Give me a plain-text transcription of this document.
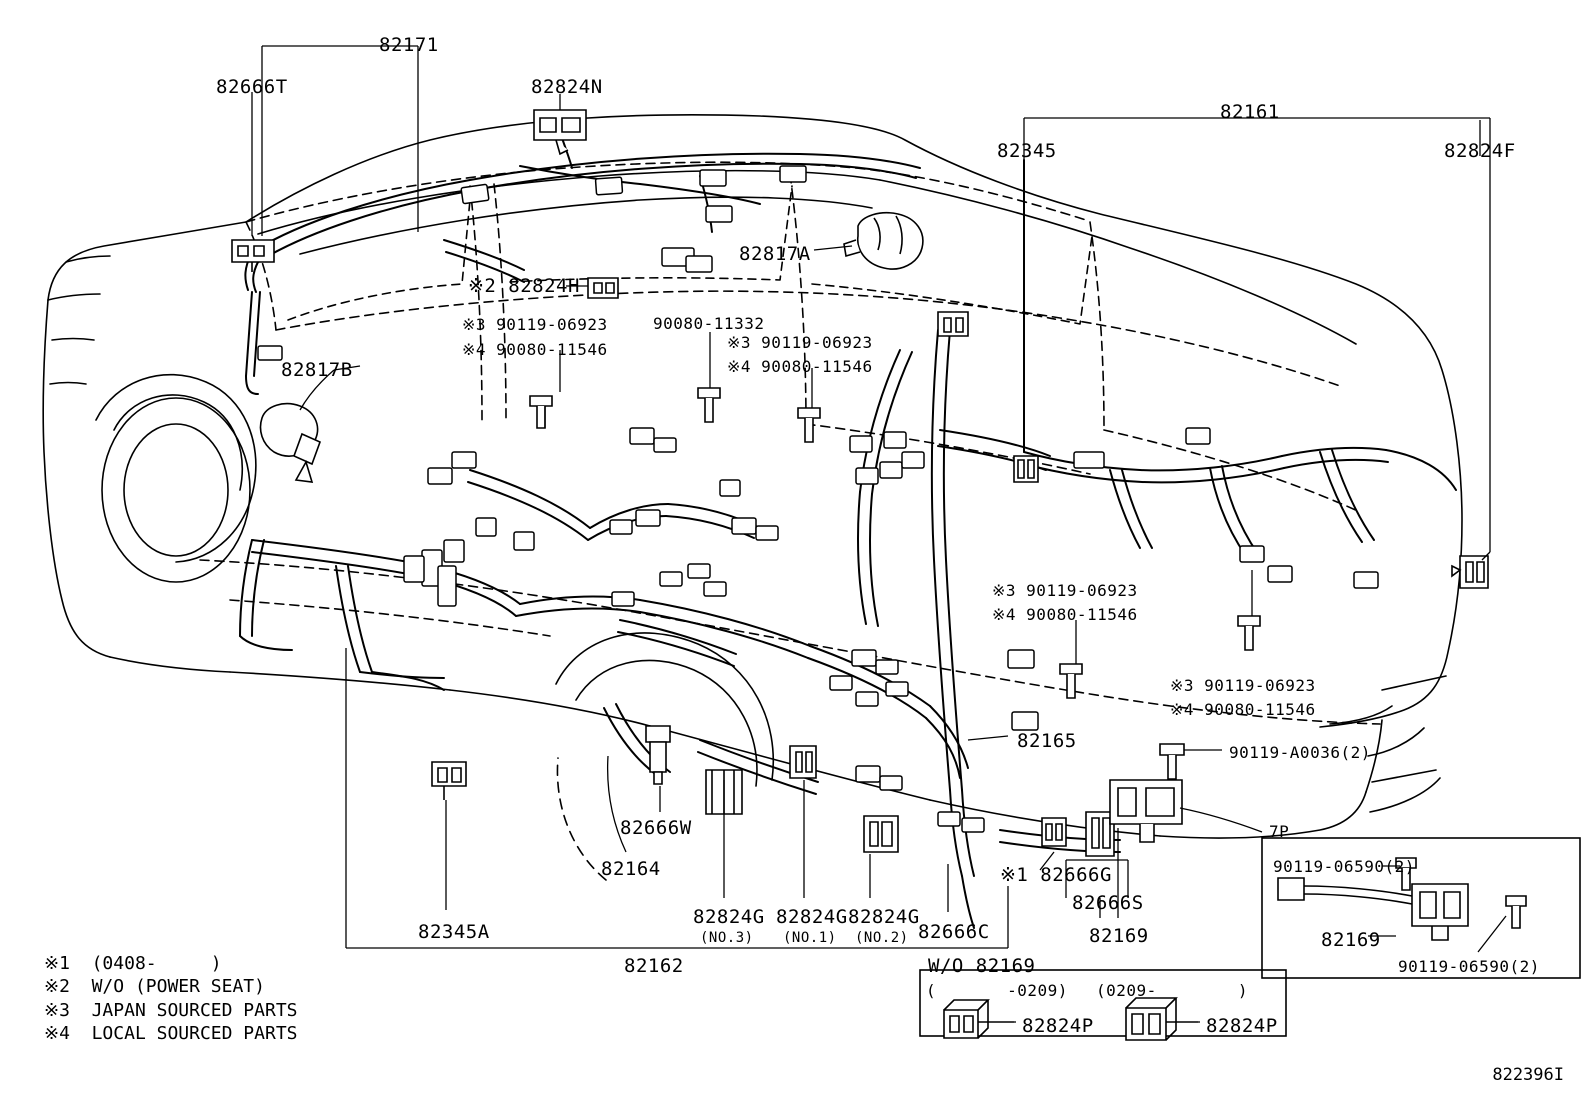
82171
82666T	82824N
82161
82345	82824F
82817A
※2 82824H
※3 90119-06923
※4 90080-11546
90080-11332
※3 90119-06923
※4 90080-11546
82817B
※3 90119-06923
※4 90080-11546
※3 90119-06923
※4 90080-11546
82165
90119-A0036(2)
82666W
82164
7P
90119-06590(2)
※1 82666G
82666S
82169	82169
90119-06590(2)
82345A
82824G
(NO.3)
82824G
(NO.1)
82824G
(NO.2) 82666C
82162	W/O 82169
(       -0209) (0209-        )
82824P	82824P
※1  (0408-     )
※2  W/O (POWER SEAT)
※3  JAPAN SOURCED PARTS
※4  LOCAL SOURCED PARTS
822396I
